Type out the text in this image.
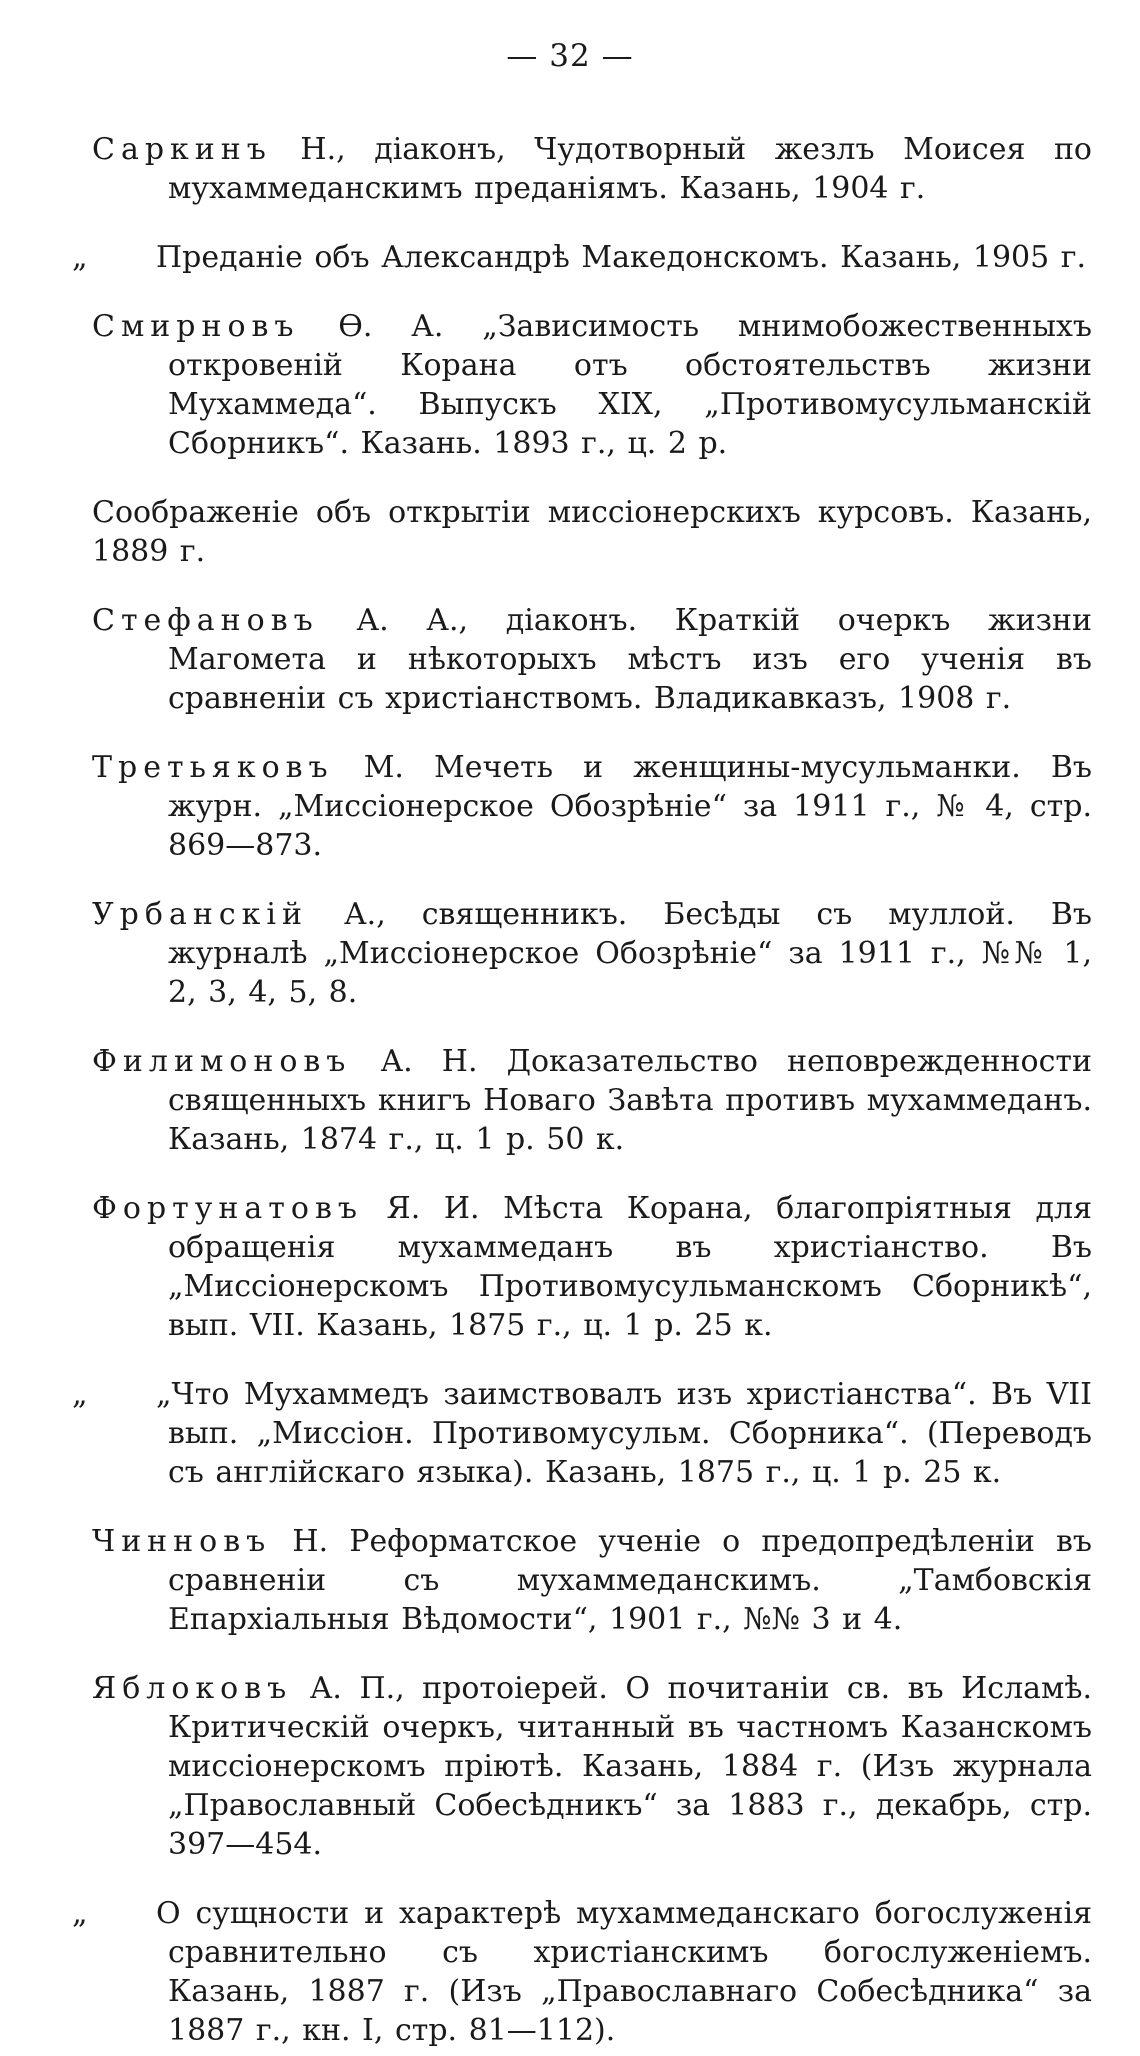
— 32 —

Саркинъ Н., діаконъ, Чудотворный жезлъ Моисея по мухаммеданскимъ преданіямъ. Казань, 1904 г.

„ Преданіе объ Александрѣ Македонскомъ. Казань, 1905 г.

Смирновъ Ѳ. А. „Зависимость мнимобожественныхъ откровеній Корана отъ обстоятельствъ жизни Мухаммеда“. Выпускъ XIX, „Противомусульманскій Сборникъ“. Казань. 1893 г., ц. 2 р.

Соображеніе объ открытіи миссіонерскихъ курсовъ. Казань, 1889 г.

Стефановъ А. А., діаконъ. Краткій очеркъ жизни Магомета и нѣкоторыхъ мѣстъ изъ его ученія въ сравненіи съ христіанствомъ. Владикавказъ, 1908 г.

Третьяковъ М. Мечеть и женщины-мусульманки. Въ журн. „Миссіонерское Обозрѣніе“ за 1911 г., № 4, стр. 869—873.

Урбанскій А., священникъ. Бесѣды съ муллой. Въ журналѣ „Миссіонерское Обозрѣніе“ за 1911 г., №№ 1, 2, 3, 4, 5, 8.

Филимоновъ А. Н. Доказательство неповрежденности священныхъ книгъ Новаго Завѣта противъ мухаммеданъ. Казань, 1874 г., ц. 1 р. 50 к.

Фортунатовъ Я. И. Мѣста Корана, благопріятныя для обращенія мухаммеданъ въ христіанство. Въ „Миссіонерскомъ Противомусульманскомъ Сборникѣ“, вып. VII. Казань, 1875 г., ц. 1 р. 25 к.

„ „Что Мухаммедъ заимствовалъ изъ христіанства“. Въ VII вып. „Миссіон. Противомусульм. Сборника“. (Переводъ съ англійскаго языка). Казань, 1875 г., ц. 1 р. 25 к.

Чинновъ Н. Реформатское ученіе о предопредѣленіи въ сравненіи съ мухаммеданскимъ. „Тамбовскія Епархіальныя Вѣдомости“, 1901 г., №№ 3 и 4.

Яблоковъ А. П., протоіерей. О почитаніи св. въ Исламѣ. Критическій очеркъ, читанный въ частномъ Казанскомъ миссіонерскомъ пріютѣ. Казань, 1884 г. (Изъ журнала „Православный Собесѣдникъ“ за 1883 г., декабрь, стр. 397—454.

„ О сущности и характерѣ мухаммеданскаго богослуженія сравнительно съ христіанскимъ богослуженіемъ. Казань, 1887 г. (Изъ „Православнаго Собесѣдника“ за 1887 г., кн. I, стр. 81—112).
